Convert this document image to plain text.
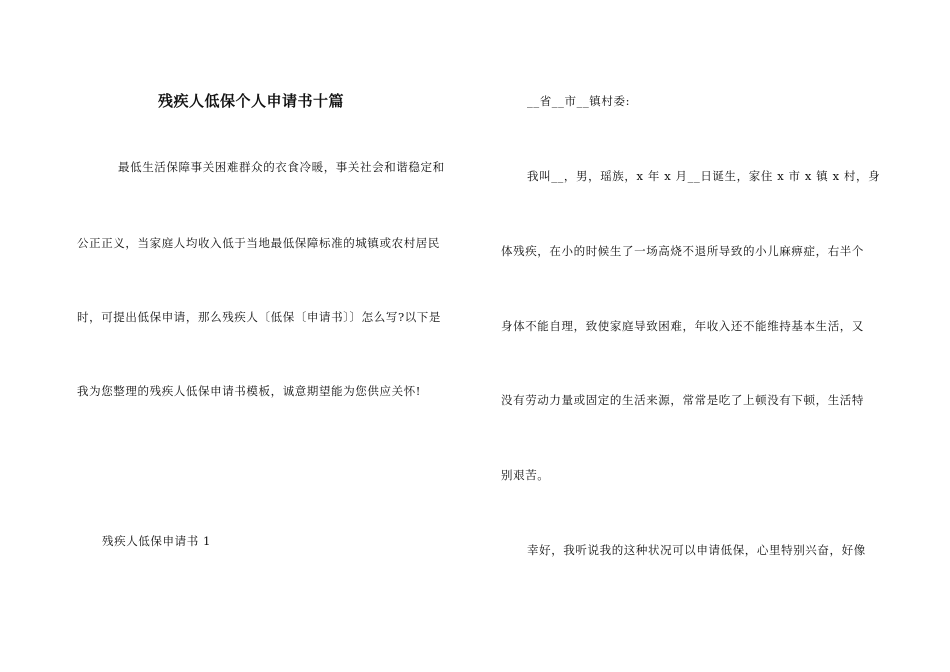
残疾人低保个人申请书十篇
最低生活保障事关困难群众的衣食冷暖，事关社会和谐稳定和
公正正义，当家庭人均收入低于当地最低保障标准的城镇或农村居民
时，可提出低保申请，那么残疾人〔低保〔申请书〕〕怎么写?以下是
我为您整理的残疾人低保申请书模板，诚意期望能为您供应关怀!
残疾人低保申请书 1
__省__市__镇村委:
我叫__，男，瑶族，x 年 x 月__日诞生，家住 x 市 x 镇 x 村，身
体残疾，在小的时候生了一场高烧不退所导致的小儿麻痹症，右半个
身体不能自理，致使家庭导致困难，年收入还不能维持基本生活，又
没有劳动力量或固定的生活来源，常常是吃了上顿没有下顿，生活特
别艰苦。
幸好，我听说我的这种状况可以申请低保，心里特别兴奋，好像
